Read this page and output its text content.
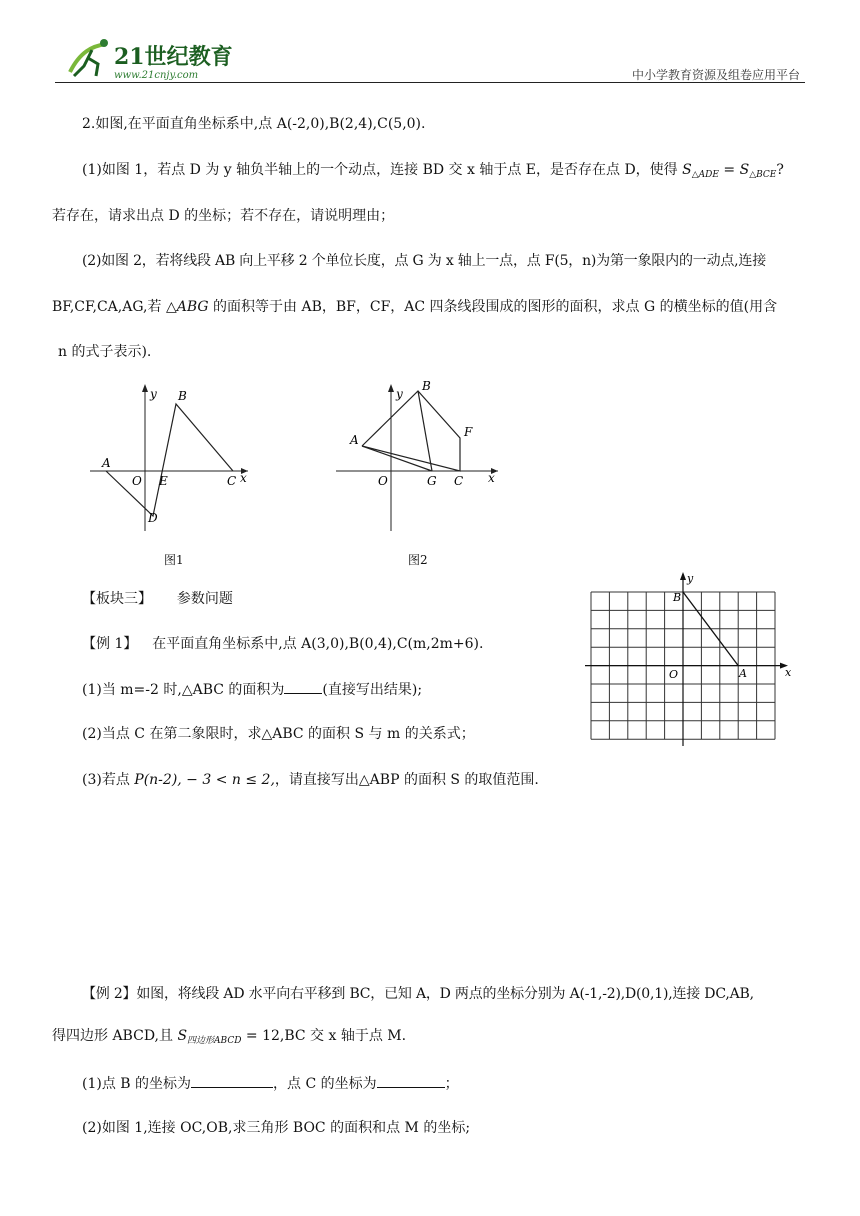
21世纪教育
www.21cnjy.com	中小学教育资源及组卷应用平台
2.如图,在平面直角坐标系中,点 A(-2,0),B(2,4),C(5,0).
(1)如图 1，若点 D 为 y 轴负半轴上的一个动点，连接 BD 交 x 轴于点 E，是否存在点 D，使得 $S_{\triangle ADE} = S_{\triangle BCE}$?
若存在，请求出点 D 的坐标；若不存在，请说明理由；
(2)如图 2，若将线段 AB 向上平移 2 个单位长度，点 G 为 x 轴上一点，点 F(5，n)为第一象限内的一动点,连接
BF,CF,CA,AG,若 △ABG 的面积等于由 AB，BF，CF，AC 四条线段围成的图形的面积，求点 G 的横坐标的值(用含
n 的式子表示).
y
x
A
B
O E	C
D
图1
y
x
A
B
O	G C
F
图2
【板块三】 参数问题
【例 1】 在平面直角坐标系中,点 A(3,0),B(0,4),C(m,2m+6).
(1)当 m=-2 时,△ABC 的面积为	(直接写出结果);
(2)当点 C 在第二象限时，求△ABC 的面积 S 与 m 的关系式；
(3)若点 P(n-2), − 3 < n ≤ 2,，请直接写出△ABP 的面积 S 的取值范围.
y
x
B
O	A
【例 2】如图，将线段 AD 水平向右平移到 BC，已知 A，D 两点的坐标分别为 A(-1,-2),D(0,1),连接 DC,AB,
得四边形 ABCD,且 $S_{四边形ABCD} = 12,BC$ 交 x 轴于点 M.
(1)点 B 的坐标为	，点 C 的坐标为	；
(2)如图 1,连接 OC,OB,求三角形 BOC 的面积和点 M 的坐标;
